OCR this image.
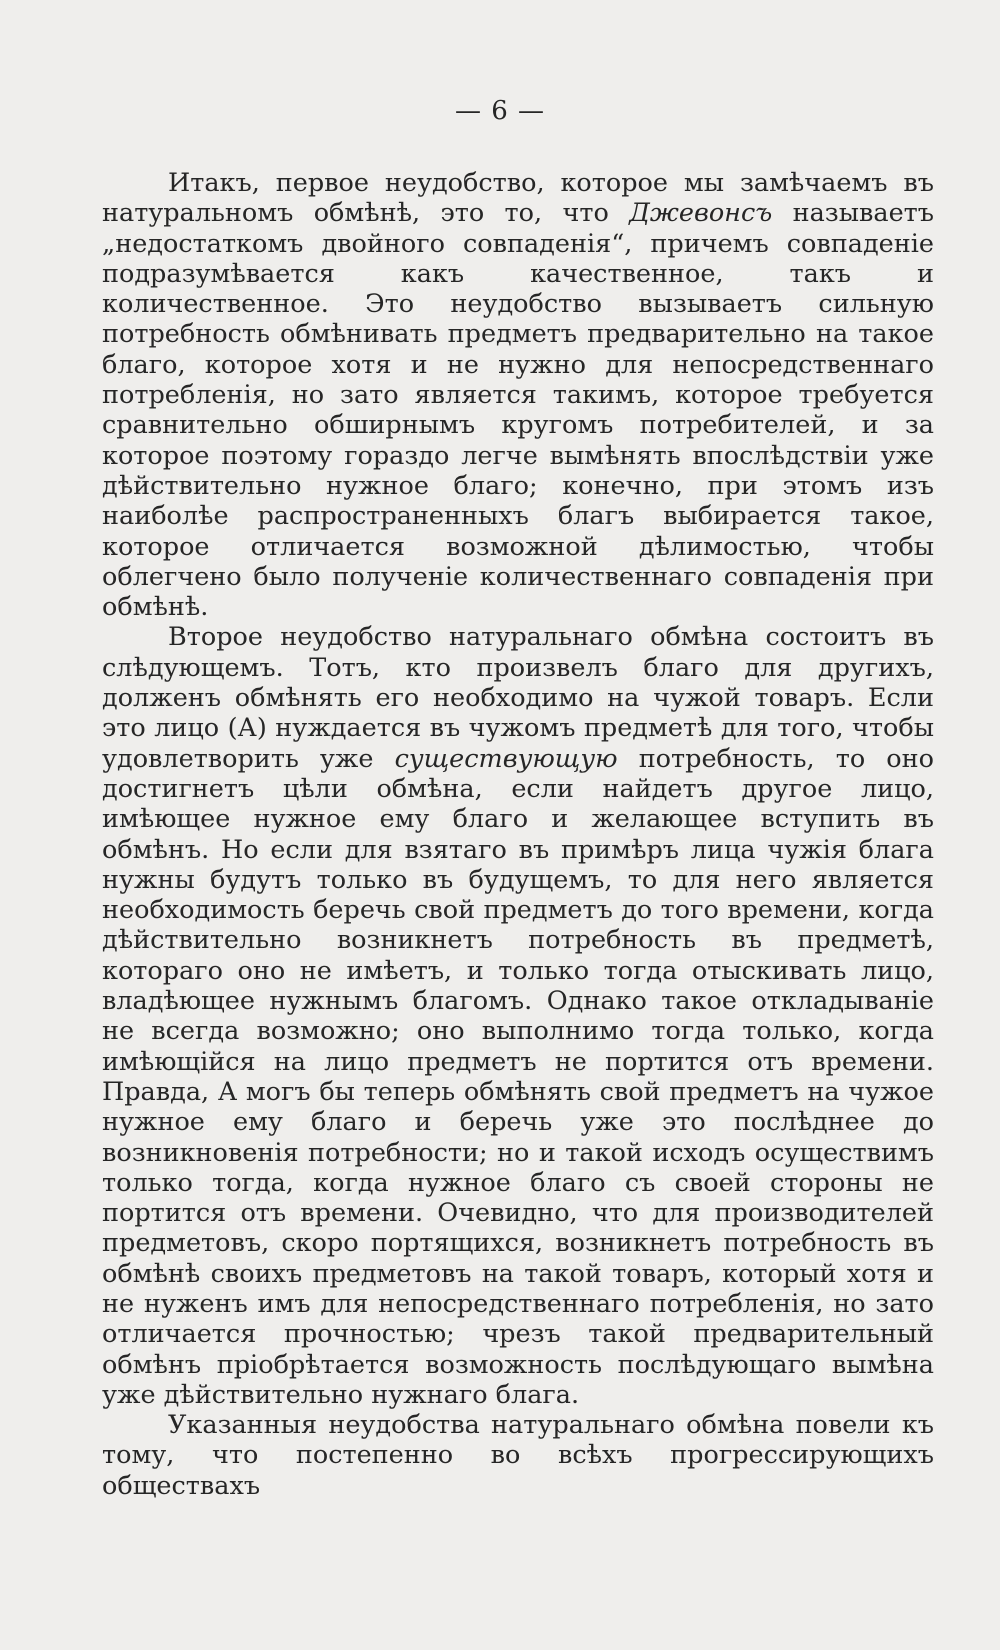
— 6 —

Итакъ, первое неудобство, которое мы замѣчаемъ въ натуральномъ обмѣнѣ, это то, что Джевонсъ называетъ „недостаткомъ двойного совпаденія“, причемъ совпаденіе подразумѣвается какъ качественное, такъ и количественное. Это неудобство вызываетъ сильную потребность обмѣнивать предметъ предварительно на такое благо, которое хотя и не нужно для непосредственнаго потребленія, но зато является такимъ, которое требуется сравнительно обширнымъ кругомъ потребителей, и за которое поэтому гораздо легче вымѣнять впослѣдствіи уже дѣйствительно нужное благо; конечно, при этомъ изъ наиболѣе распространенныхъ благъ выбирается такое, которое отличается возможной дѣлимостью, чтобы облегчено было полученіе количественнаго совпаденія при обмѣнѣ.

Второе неудобство натуральнаго обмѣна состоитъ въ слѣдующемъ. Тотъ, кто произвелъ благо для другихъ, долженъ обмѣнять его необходимо на чужой товаръ. Если это лицо (А) нуждается въ чужомъ предметѣ для того, чтобы удовлетворить уже существующую потребность, то оно достигнетъ цѣли обмѣна, если найдетъ другое лицо, имѣющее нужное ему благо и желающее вступить въ обмѣнъ. Но если для взятаго въ примѣръ лица чужія блага нужны будутъ только въ будущемъ, то для него является необходимость беречь свой предметъ до того времени, когда дѣйствительно возникнетъ потребность въ предметѣ, котораго оно не имѣетъ, и только тогда отыскивать лицо, владѣющее нужнымъ благомъ. Однако такое откладываніе не всегда возможно; оно выполнимо тогда только, когда имѣющійся на лицо предметъ не портится отъ времени. Правда, А могъ бы теперь обмѣнять свой предметъ на чужое нужное ему благо и беречь уже это послѣднее до возникновенія потребности; но и такой исходъ осуществимъ только тогда, когда нужное благо съ своей стороны не портится отъ времени. Очевидно, что для производителей предметовъ, скоро портящихся, возникнетъ потребность въ обмѣнѣ своихъ предметовъ на такой товаръ, который хотя и не нуженъ имъ для непосредственнаго потребленія, но зато отличается прочностью; чрезъ такой предварительный обмѣнъ пріобрѣтается возможность послѣдующаго вымѣна уже дѣйствительно нужнаго блага.

Указанныя неудобства натуральнаго обмѣна повели къ тому, что постепенно во всѣхъ прогрессирующихъ обществахъ
